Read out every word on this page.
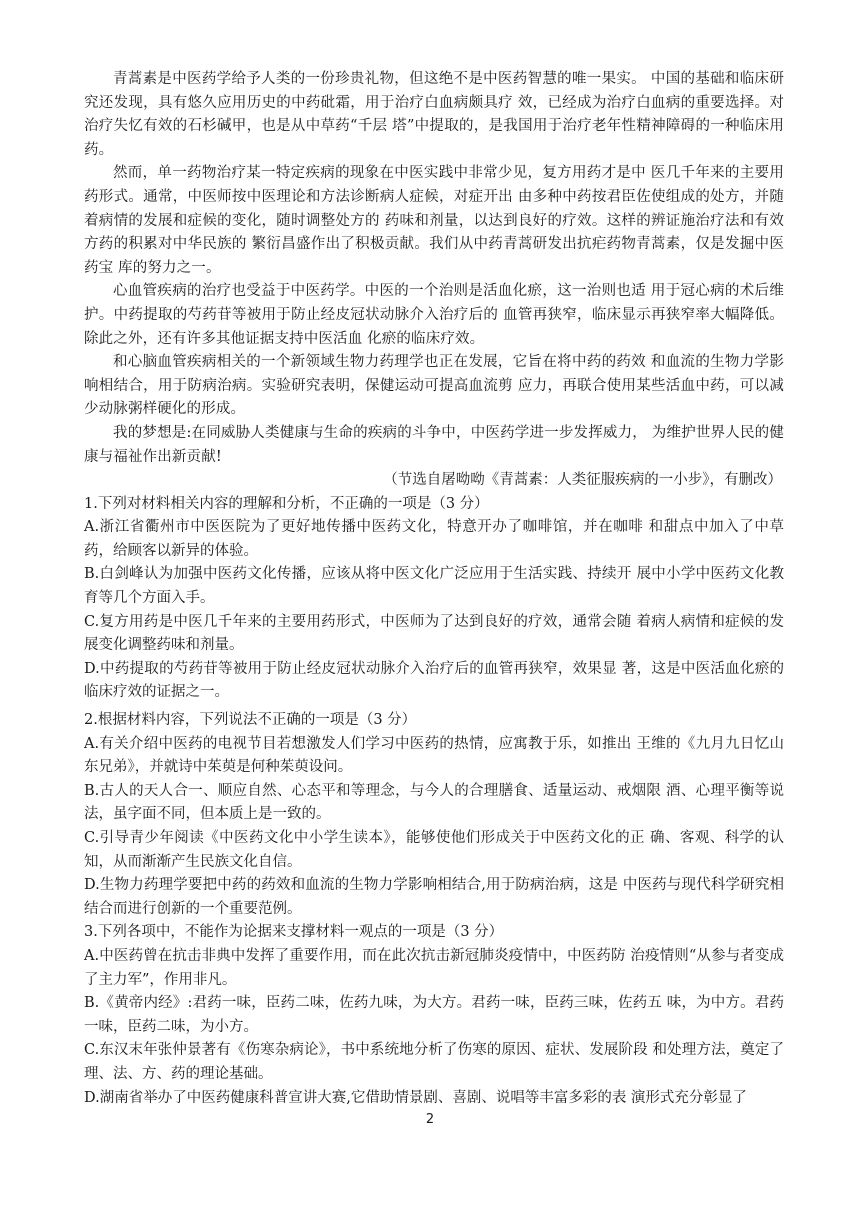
青蒿素是中医药学给予人类的一份珍贵礼物，但这绝不是中医药智慧的唯一果实。 中国的基础和临床研究还发现，具有悠久应用历史的中药砒霜，用于治疗白血病颇具疗 效，已经成为治疗白血病的重要选择。对治疗失忆有效的石杉碱甲，也是从中草药“千层 塔”中提取的，是我国用于治疗老年性精神障碍的一种临床用药。

然而，单一药物治疗某一特定疾病的现象在中医实践中非常少见，复方用药才是中 医几千年来的主要用药形式。通常，中医师按中医理论和方法诊断病人症候，对症开出 由多种中药按君臣佐使组成的处方，并随着病情的发展和症候的变化，随时调整处方的 药味和剂量，以达到良好的疗效。这样的辨证施治疗法和有效方药的积累对中华民族的 繁衍昌盛作出了积极贡献。我们从中药青蒿研发出抗疟药物青蒿素，仅是发掘中医药宝 库的努力之一。

心血管疾病的治疗也受益于中医药学。中医的一个治则是活血化瘀，这一治则也适 用于冠心病的术后维护。中药提取的芍药苷等被用于防止经皮冠状动脉介入治疗后的 血管再狭窄，临床显示再狭窄率大幅降低。除此之外，还有许多其他证据支持中医活血 化瘀的临床疗效。

和心脑血管疾病相关的一个新领域生物力药理学也正在发展，它旨在将中药的药效 和血流的生物力学影响相结合，用于防病治病。实验研究表明，保健运动可提高血流剪 应力，再联合使用某些活血中药，可以减少动脉粥样硬化的形成。

我的梦想是:在同威胁人类健康与生命的疾病的斗争中，中医药学进一步发挥威力， 为维护世界人民的健康与福祉作出新贡献!

（节选自屠呦呦《青蒿素：人类征服疾病的一小步》，有删改）

1.下列对材料相关内容的理解和分析，不正确的一项是（3 分）

A.浙江省衢州市中医医院为了更好地传播中医药文化，特意开办了咖啡馆，并在咖啡 和甜点中加入了中草药，给顾客以新异的体验。

B.白剑峰认为加强中医药文化传播，应该从将中医文化广泛应用于生活实践、持续开 展中小学中医药文化教育等几个方面入手。

C.复方用药是中医几千年来的主要用药形式，中医师为了达到良好的疗效，通常会随 着病人病情和症候的发展变化调整药味和剂量。

D.中药提取的芍药苷等被用于防止经皮冠状动脉介入治疗后的血管再狭窄，效果显 著，这是中医活血化瘀的临床疗效的证据之一。

2.根据材料内容，下列说法不正确的一项是（3 分）

A.有关介绍中医药的电视节目若想激发人们学习中医药的热情，应寓教于乐，如推出 王维的《九月九日忆山东兄弟》，并就诗中茱萸是何种茱萸设问。

B.古人的天人合一、顺应自然、心态平和等理念，与今人的合理膳食、适量运动、戒烟限 酒、心理平衡等说法，虽字面不同，但本质上是一致的。

C.引导青少年阅读《中医药文化中小学生读本》，能够使他们形成关于中医药文化的正 确、客观、科学的认知，从而渐渐产生民族文化自信。

D.生物力药理学要把中药的药效和血流的生物力学影响相结合,用于防病治病，这是 中医药与现代科学研究相结合而进行创新的一个重要范例。

3.下列各项中，不能作为论据来支撑材料一观点的一项是（3 分）

A.中医药曾在抗击非典中发挥了重要作用，而在此次抗击新冠肺炎疫情中，中医药防 治疫情则“从参与者变成了主力军”，作用非凡。

B.《黄帝内经》:君药一味，臣药二味，佐药九味，为大方。君药一味，臣药三味，佐药五 味，为中方。君药一味，臣药二味，为小方。

C.东汉末年张仲景著有《伤寒杂病论》，书中系统地分析了伤寒的原因、症状、发展阶段 和处理方法，奠定了理、法、方、药的理论基础。

D.湖南省举办了中医药健康科普宣讲大赛,它借助情景剧、喜剧、说唱等丰富多彩的表 演形式充分彰显了

2
